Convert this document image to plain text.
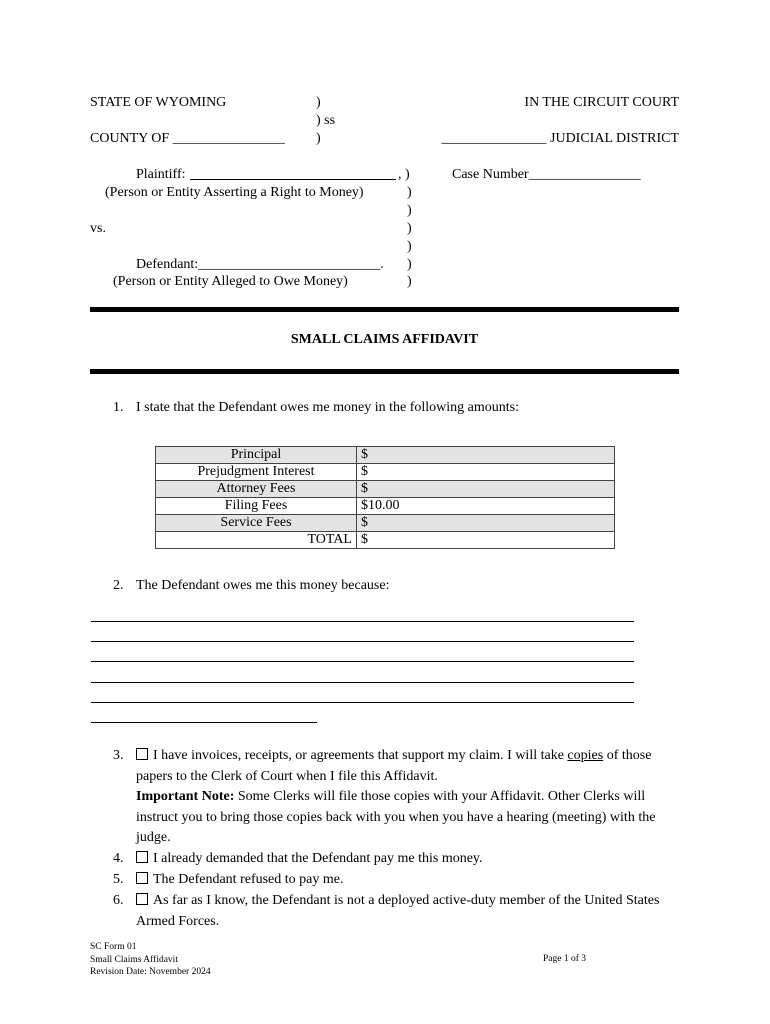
STATE OF WYOMING	)
) ss
IN THE CIRCUIT COURT
COUNTY OF ________________ )	_______________ JUDICIAL DISTRICT
Plaintiff:	, )
(Person or Entity Asserting a Right to Money)
Case Number________________
)
)
vs.	)
)
Defendant:__________________________. )
(Person or Entity Alleged to Owe Money)	)
SMALL CLAIMS AFFIDAVIT
1. I state that the Defendant owes me money in the following amounts:
Principal	$
Prejudgment Interest	$
Attorney Fees	$
Filing Fees	$10.00
Service Fees	$
TOTAL	$
2. The Defendant owes me this money because:
3.	I have invoices, receipts, or agreements that support my claim. I will take copies of those papers to the Clerk of Court when I file this Affidavit.
Important Note: Some Clerks will file those copies with your Affidavit. Other Clerks will instruct you to bring those copies back with you when you have a hearing (meeting) with the judge.
4.	I already demanded that the Defendant pay me this money.
5.	The Defendant refused to pay me.
6.	As far as I know, the Defendant is not a deployed active-duty member of the United States Armed Forces.
SC Form 01
Small Claims Affidavit
Revision Date: November 2024
Page 1 of 3
